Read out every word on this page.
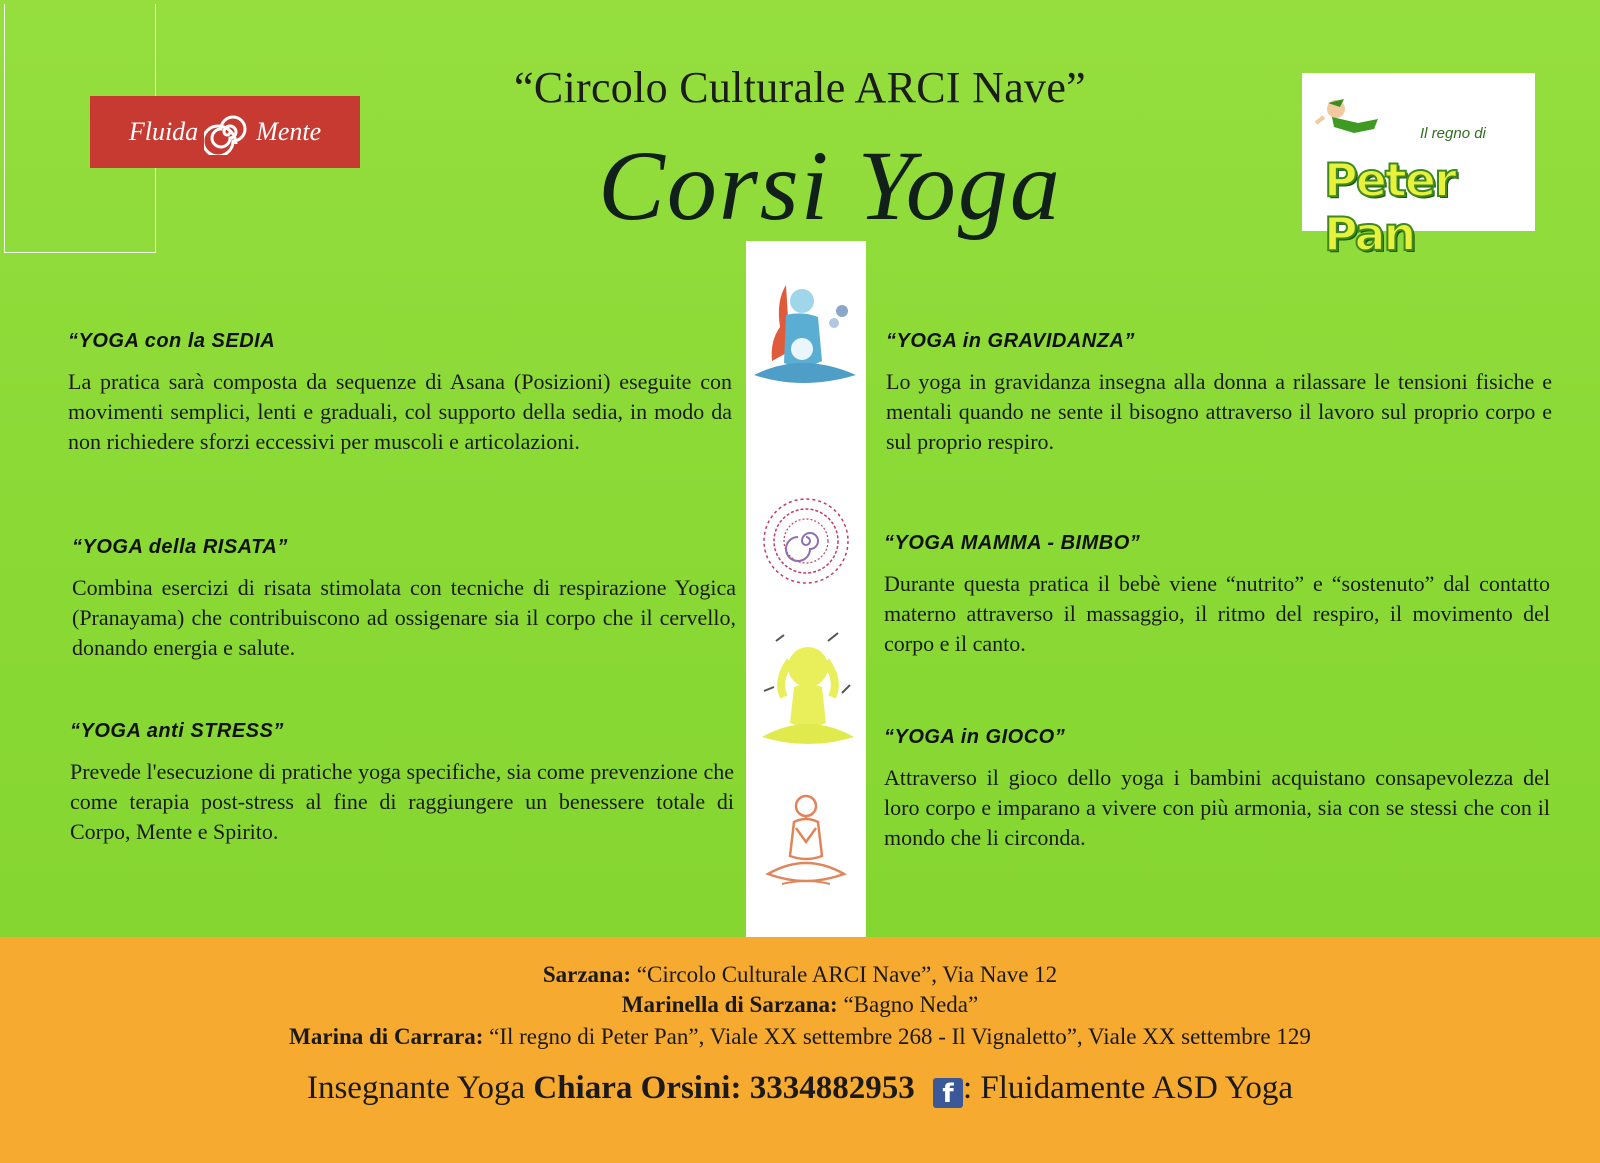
Fluida Mente	Il regno di
Peter Pan
“Circolo Culturale ARCI Nave”
Corsi Yoga
“YOGA con la SEDIA
La pratica sarà composta da sequenze di Asana (Posizioni) eseguite con movimenti semplici, lenti e graduali, col supporto della sedia, in modo da non richiedere sforzi eccessivi per muscoli e articolazioni.
“YOGA della RISATA”
Combina esercizi di risata stimolata con tecniche di respirazione Yogica (Pranayama) che contribuiscono ad ossigenare sia il corpo che il cervello, donando energia e salute.
“YOGA anti STRESS”
Prevede l'esecuzione di pratiche yoga specifiche, sia come prevenzione che come terapia post-stress al fine di raggiungere un benessere totale di Corpo, Mente e Spirito.
“YOGA in GRAVIDANZA”
Lo yoga in gravidanza insegna alla donna a rilassare le tensioni fisiche e mentali quando ne sente il bisogno attraverso il lavoro sul proprio corpo e sul proprio respiro.
“YOGA MAMMA - BIMBO”
Durante questa pratica il bebè viene “nutrito” e “sostenuto” dal contatto materno attraverso il massaggio, il ritmo del respiro, il movimento del corpo e il canto.
“YOGA in GIOCO”
Attraverso il gioco dello yoga i bambini acquistano consapevolezza del loro corpo e imparano a vivere con più armonia, sia con se stessi che con il mondo che li circonda.
Sarzana: “Circolo Culturale ARCI Nave”, Via Nave 12
Marinella di Sarzana: “Bagno Neda”
Marina di Carrara: “Il regno di Peter Pan”, Viale XX settembre 268 - Il Vignaletto”, Viale XX settembre 129
Insegnante Yoga Chiara Orsini: 3334882953 f : Fluidamente ASD Yoga
